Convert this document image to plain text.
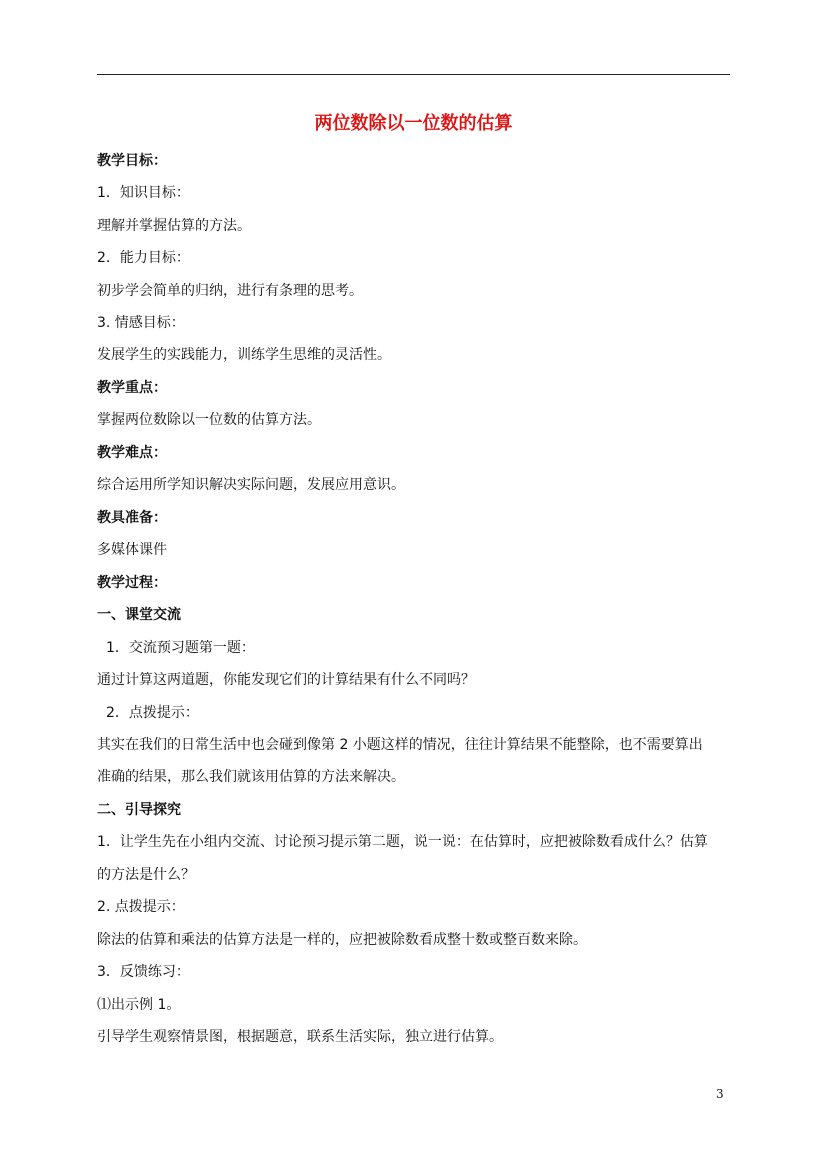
两位数除以一位数的估算
教学目标：
1．知识目标：
理解并掌握估算的方法。
2．能力目标：
初步学会简单的归纳，进行有条理的思考。
3. 情感目标：
发展学生的实践能力，训练学生思维的灵活性。
教学重点：
掌握两位数除以一位数的估算方法。
教学难点：
综合运用所学知识解决实际问题，发展应用意识。
教具准备：
多媒体课件
教学过程：
一、课堂交流
1．交流预习题第一题：
通过计算这两道题，你能发现它们的计算结果有什么不同吗？
2．点拨提示：
其实在我们的日常生活中也会碰到像第 2 小题这样的情况，往往计算结果不能整除，也不需要算出
准确的结果，那么我们就该用估算的方法来解决。
二、引导探究
1．让学生先在小组内交流、讨论预习提示第二题，说一说：在估算时，应把被除数看成什么？估算
的方法是什么？
2. 点拨提示：
除法的估算和乘法的估算方法是一样的，应把被除数看成整十数或整百数来除。
3．反馈练习：
⑴出示例 1。
引导学生观察情景图，根据题意，联系生活实际，独立进行估算。
3
